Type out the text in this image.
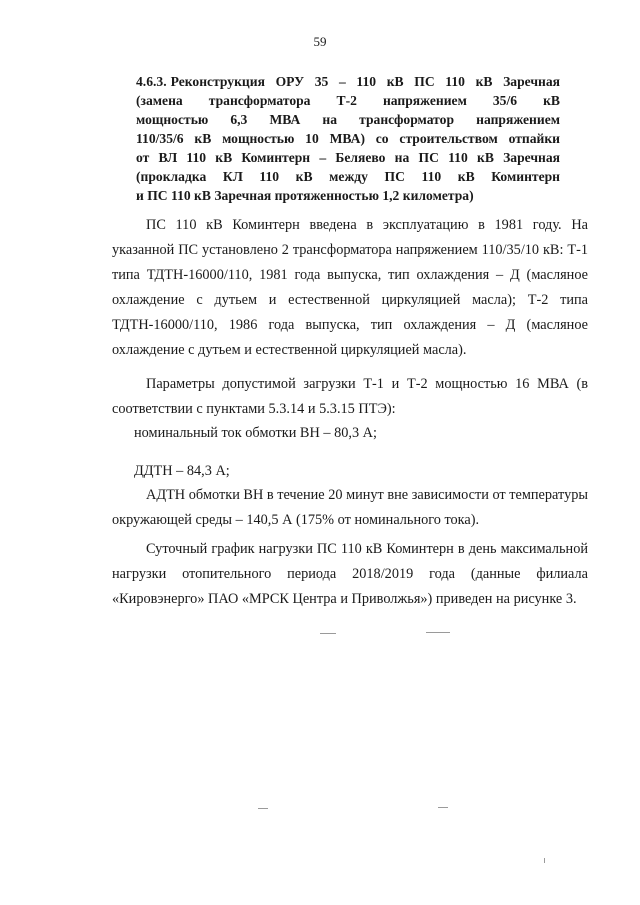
59
4.6.3. Реконструкция ОРУ 35 – 110 кВ ПС 110 кВ Заречная
(замена трансформатора Т-2 напряжением 35/6 кВ
мощностью 6,3 МВА на трансформатор напряжением
110/35/6 кВ мощностью 10 МВА) со строительством отпайки
от ВЛ 110 кВ Коминтерн – Беляево на ПС 110 кВ Заречная
(прокладка КЛ 110 кВ между ПС 110 кВ Коминтерн
и ПС 110 кВ Заречная протяженностью 1,2 километра)

ПС 110 кВ Коминтерн введена в эксплуатацию в 1981 году. На указанной ПС установлено 2 трансформатора напряжением 110/35/10 кВ: Т-1 типа ТДТН-16000/110, 1981 года выпуска, тип охлаждения – Д (масляное охлаждение с дутьем и естественной циркуляцией масла); Т-2 типа ТДТН-16000/110, 1986 года выпуска, тип охлаждения – Д (масляное охлаждение с дутьем и естественной циркуляцией масла).

Параметры допустимой загрузки Т-1 и Т-2 мощностью 16 МВА (в соответствии с пунктами 5.3.14 и 5.3.15 ПТЭ):

номинальный ток обмотки ВН – 80,3 А;

ДДТН – 84,3 А;

АДТН обмотки ВН в течение 20 минут вне зависимости от температуры окружающей среды – 140,5 А (175% от номинального тока).

Суточный график нагрузки ПС 110 кВ Коминтерн в день максимальной нагрузки отопительного периода 2018/2019 года (данные филиала «Кировэнерго» ПАО «МРСК Центра и Приволжья») приведен на рисунке 3.
